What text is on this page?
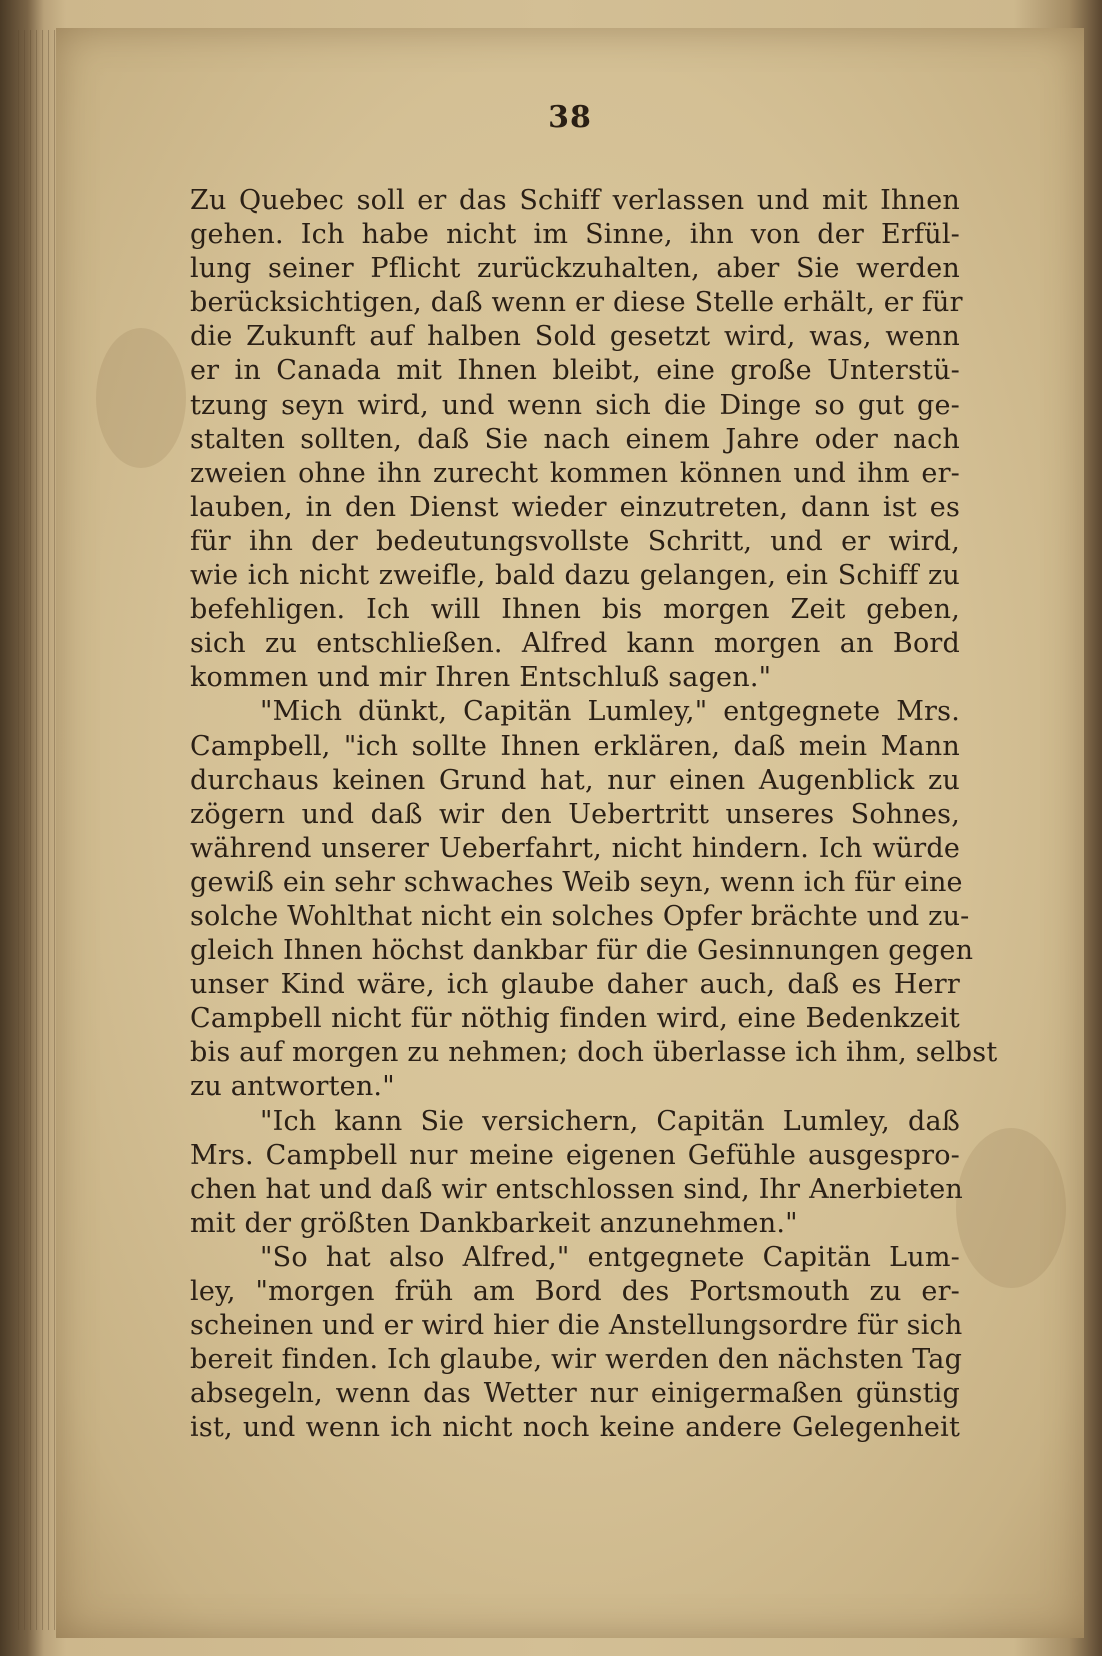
38
Zu Quebec soll er das Schiff verlassen und mit Ihnen
gehen. Ich habe nicht im Sinne, ihn von der Erfül-
lung seiner Pflicht zurückzuhalten, aber Sie werden
berücksichtigen, daß wenn er diese Stelle erhält, er für
die Zukunft auf halben Sold gesetzt wird, was, wenn
er in Canada mit Ihnen bleibt, eine große Unterstü-
tzung seyn wird, und wenn sich die Dinge so gut ge-
stalten sollten, daß Sie nach einem Jahre oder nach
zweien ohne ihn zurecht kommen können und ihm er-
lauben, in den Dienst wieder einzutreten, dann ist es
für ihn der bedeutungsvollste Schritt, und er wird,
wie ich nicht zweifle, bald dazu gelangen, ein Schiff zu
befehligen. Ich will Ihnen bis morgen Zeit geben,
sich zu entschließen. Alfred kann morgen an Bord
kommen und mir Ihren Entschluß sagen."
"Mich dünkt, Capitän Lumley," entgegnete Mrs.
Campbell, "ich sollte Ihnen erklären, daß mein Mann
durchaus keinen Grund hat, nur einen Augenblick zu
zögern und daß wir den Uebertritt unseres Sohnes,
während unserer Ueberfahrt, nicht hindern. Ich würde
gewiß ein sehr schwaches Weib seyn, wenn ich für eine
solche Wohlthat nicht ein solches Opfer brächte und zu-
gleich Ihnen höchst dankbar für die Gesinnungen gegen
unser Kind wäre, ich glaube daher auch, daß es Herr
Campbell nicht für nöthig finden wird, eine Bedenkzeit
bis auf morgen zu nehmen; doch überlasse ich ihm, selbst
zu antworten."
"Ich kann Sie versichern, Capitän Lumley, daß
Mrs. Campbell nur meine eigenen Gefühle ausgespro-
chen hat und daß wir entschlossen sind, Ihr Anerbieten
mit der größten Dankbarkeit anzunehmen."
"So hat also Alfred," entgegnete Capitän Lum-
ley, "morgen früh am Bord des Portsmouth zu er-
scheinen und er wird hier die Anstellungsordre für sich
bereit finden. Ich glaube, wir werden den nächsten Tag
absegeln, wenn das Wetter nur einigermaßen günstig
ist, und wenn ich nicht noch keine andere Gelegenheit
